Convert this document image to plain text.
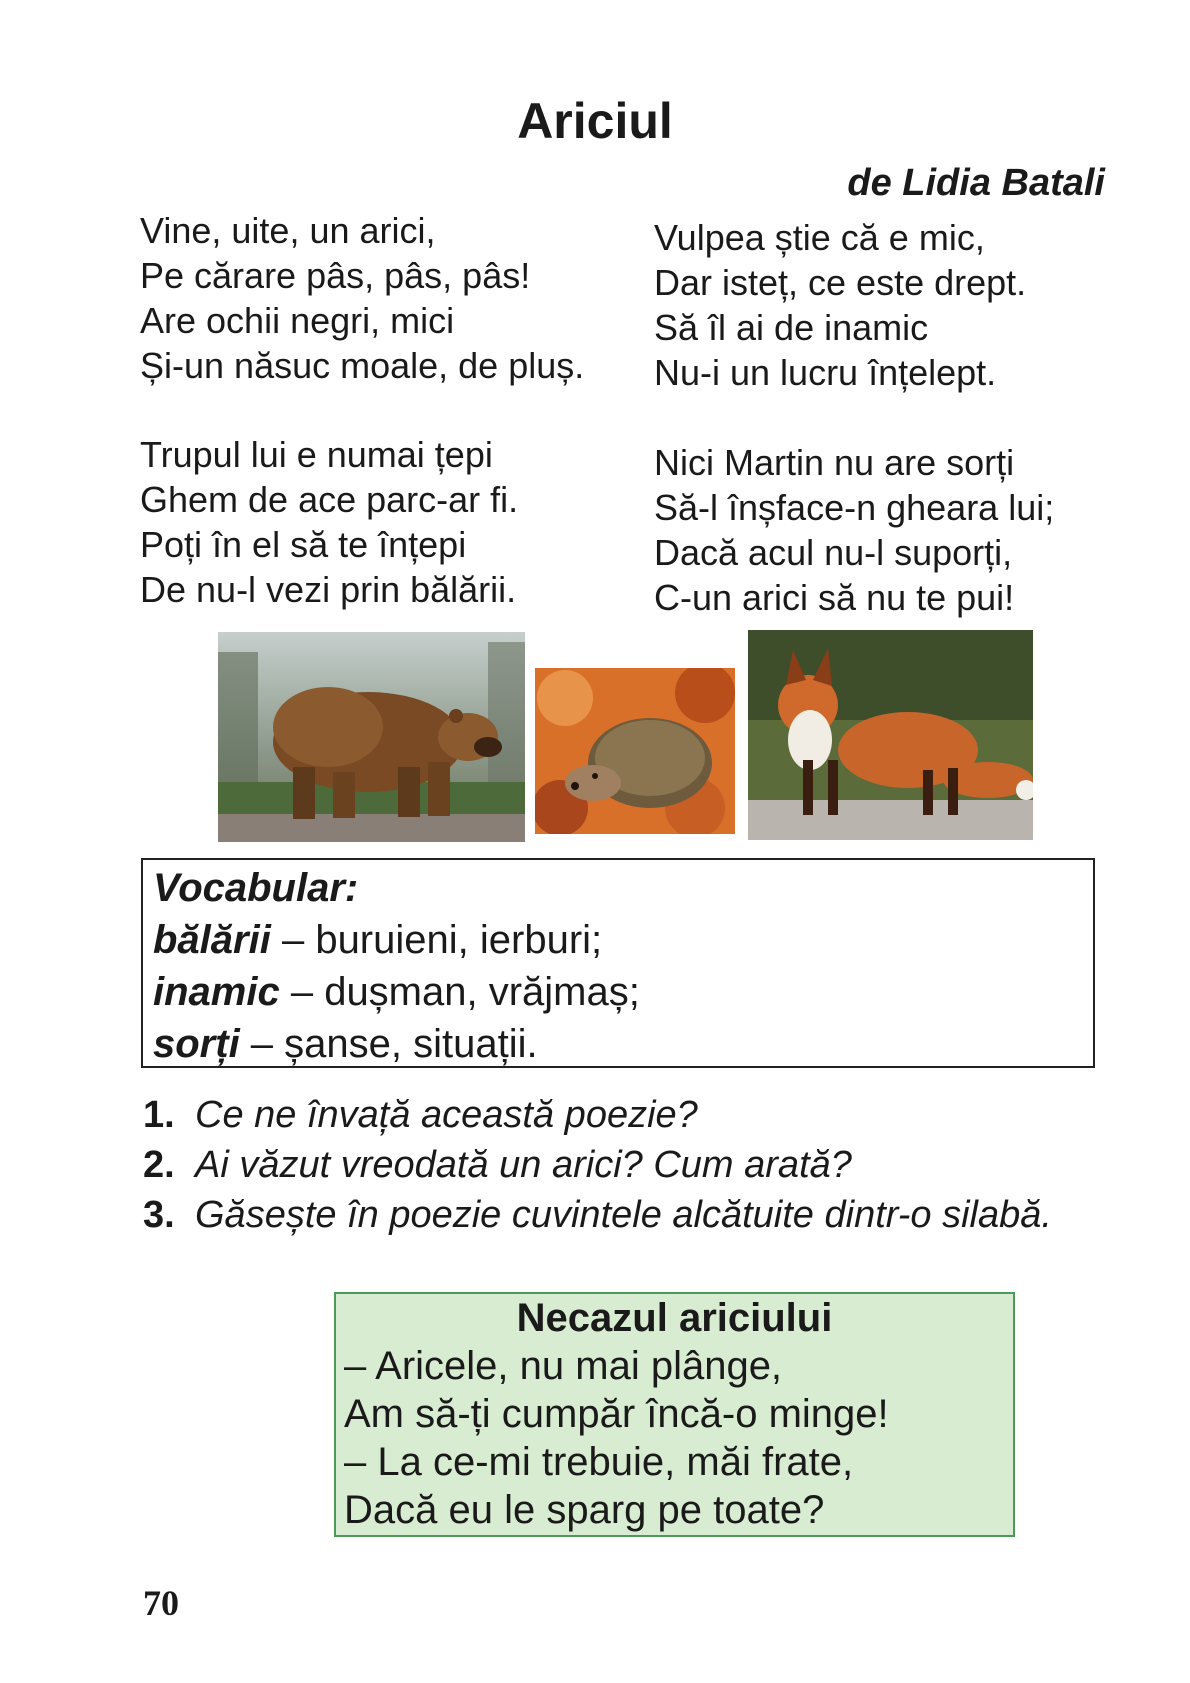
Ariciul
de Lidia Batali
Vine, uite, un arici,
Pe cărare pâs, pâs, pâs!
Are ochii negri, mici
Și-un năsuc moale, de pluș.
Vulpea știe că e mic,
Dar isteț, ce este drept.
Să îl ai de inamic
Nu-i un lucru înțelept.
Trupul lui e numai țepi
Ghem de ace parc-ar fi.
Poți în el să te înțepi
De nu-l vezi prin bălării.
Nici Martin nu are sorți
Să-l înșface-n gheara lui;
Dacă acul nu-l suporți,
C-un arici să nu te pui!
Vocabular:
bălării – buruieni, ierburi;
inamic – dușman, vrăjmaș;
sorți – șanse, situații.
1. Ce ne învață această poezie?
2. Ai văzut vreodată un arici? Cum arată?
3. Găsește în poezie cuvintele alcătuite dintr-o silabă.
Necazul ariciului
– Aricele, nu mai plânge,
Am să-ți cumpăr încă-o minge!
– La ce-mi trebuie, măi frate,
Dacă eu le sparg pe toate?
70
